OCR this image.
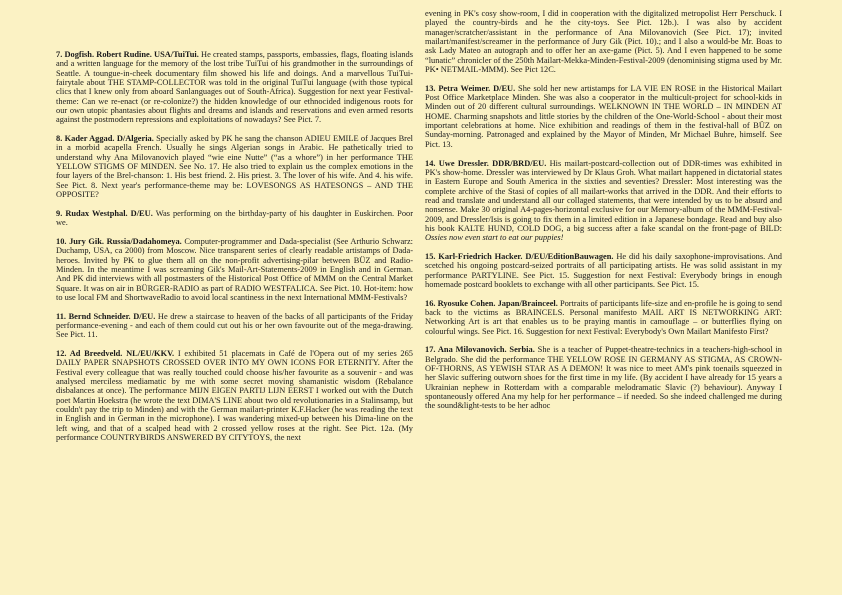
7. Dogfish. Robert Rudine. USA/TuiTui. He created stamps, passports, embassies, flags, floating islands and a written language for the memory of the lost tribe TuiTui of his grandmother in the surroundings of Seattle. A toungue-in-cheek documentary film showed his life and doings. And a marvellous TuiTui-fairytale about THE STAMP-COLLECTOR was told in the original TuiTui language (with those typical clics that I knew only from aboard Sanlanguages out of South-Africa). Suggestion for next year Festival-theme: Can we re-enact (or re-colonize?) the hidden knowledge of our ethnocided indigenous roots for our own utopic phantasies about flights and dreams and islands and reservations and even armed resorts against the postmodern repressions and exploitations of nowadays? See Pict. 7.

8. Kader Aggad. D/Algeria. Specially asked by PK he sang the chanson ADIEU EMILE of Jacques Brel in a morbid acapella French. Usually he sings Algerian songs in Arabic. He pathetically tried to understand why Ana Milovanovich played “wie eine Nutte” (“as a whore”) in her performance THE YELLOW STIGMS OF MINDEN. See No. 17. He also tried to explain us the complex emotions in the four layers of the Brel-chanson: 1. His best friend. 2. His priest. 3. The lover of his wife. And 4. his wife. See Pict. 8. Next year's performance-theme may be: LOVESONGS AS HATESONGS – AND THE OPPOSITE?

9. Rudax Westphal. D/EU. Was performing on the birthday-party of his daughter in Euskirchen. Poor we.

10. Jury Gik. Russia/Dadahomeya. Computer-programmer and Dada-specialist (See Arthurio Schwarz: Duchamp, USA, ca 2000) from Moscow. Nice transparent series of clearly readable artistamps of Dada-heroes. Invited by PK to glue them all on the non-profit advertising-pilar between BÜZ and Radio-Minden. In the meantime I was screaming Gik's Mail-Art-Statements-2009 in English and in German. And PK did interviews with all postmasters of the Historical Post Office of MMM on the Central Market Square. It was on air in BÜRGER-RADIO as part of RADIO WESTFALICA. See Pict. 10. Hot-item: how to use local FM and ShortwaveRadio to avoid local scantiness in the next International MMM-Festivals?

11. Bernd Schneider. D/EU. He drew a staircase to heaven of the backs of all participants of the Friday performance-evening - and each of them could cut out his or her own favourite out of the mega-drawing. See Pict. 11.

12. Ad Breedveld. NL/EU/KKV. I exhibited 51 placemats in Café de l'Opera out of my series 265 DAILY PAPER SNAPSHOTS CROSSED OVER INTO MY OWN ICONS FOR ETERNITY. After the Festival every colleague that was really touched could choose his/her favourite as a souvenir - and was analysed merciless mediamatic by me with some secret moving shamanistic wisdom (Rebalance disbalances at once). The performance MIJN EIGEN PARTIJ LIJN EERST I worked out with the Dutch poet Martin Hoekstra (he wrote the text DIMA'S LINE about two old revolutionaries in a Stalinsamp, but couldn't pay the trip to Minden) and with the German mailart-printer K.F.Hacker (he was reading the text in English and in German in the microphone). I was wandering mixed-up between his Dima-line on the left wing, and that of a scalped head with 2 crossed yellow roses at the right. See Pict. 12a. (My performance COUNTRYBIRDS ANSWERED BY CITYTOYS, the next

evening in PK's cosy show-room, I did in cooperation with the digitalized metropolist Herr Perschuck. I played the country-birds and he the city-toys. See Pict. 12b.). I was also by accident manager/scratcher/assistant in the performance of Ana Milovanovich (See Pict. 17); invited mailart/manifest/screamer in the performance of Jury Gik (Pict. 10).; and I also a would-be Mr. Boas to ask Lady Mateo an autograph and to offer her an axe-game (Pict. 5). And I even happened to be some “lunatic” chronicler of the 250th Mailart-Mekka-Minden-Festival-2009 (denominising stigma used by Mr. PK• NETMAIL-MMM). See Pict 12C.

13. Petra Weimer. D/EU. She sold her new artistamps for LA VIE EN ROSE in the Historical Mailart Post Office Marketplace Minden. She was also a cooperator in the multicult-project for school-kids in Minden out of 20 different cultural surroundings. WELKNOWN IN THE WORLD – IN MINDEN AT HOME. Charming snapshots and little stories by the children of the One-World-School - about their most important celebrations at home. Nice exhibition and readings of them in the festival-hall of BÜZ on Sunday-morning. Patronaged and explained by the Mayor of Minden, Mr Michael Buhre, himself. See Pict. 13.

14. Uwe Dressler. DDR/BRD/EU. His mailart-postcard-collection out of DDR-times was exhibited in PK's show-home. Dressler was interviewed by Dr Klaus Groh. What mailart happened in dictatorial states in Eastern Europe and South America in the sixties and seventies? Dressler: Most interesting was the complete archive of the Stasi of copies of all mailart-works that arrived in the DDR. And their efforts to read and translate and understand all our collaged statements, that were intended by us to be absurd and nonsense. Make 30 original A4-pages-horizontal exclusive for our Memory-album of the MMM-Festival-2009, and Dressler/Isis is going to fix them in a limited edition in a Japanese bondage. Read and buy also his book KALTE HUND, COLD DOG, a big success after a fake scandal on the front-page of BILD: Ossies now even start to eat our puppies!

15. Karl-Friedrich Hacker. D/EU/EditionBauwagen. He did his daily saxophone-improvisations. And scetched his ongoing postcard-seized portraits of all participating artists. He was solid assistant in my performance PARTYLINE. See Pict. 15. Suggestion for next Festival: Everybody brings in enough homemade postcard booklets to exchange with all other participants. See Pict. 15.

16. Ryosuke Cohen. Japan/Brainceel. Portraits of participants life-size and en-profile he is going to send back to the victims as BRAINCELS. Personal manifesto MAIL ART IS NETWORKING ART: Networking Art is art that enables us to be praying mantis in camouflage – or butterflies flying on colourful wings. See Pict. 16. Suggestion for next Festival: Everybody's Own Mailart Manifesto First?

17. Ana Milovanovich. Serbia. She is a teacher of Puppet-theatre-technics in a teachers-high-school in Belgrado. She did the performance THE YELLOW ROSE IN GERMANY AS STIGMA, AS CROWN-OF-THORNS, AS YEWISH STAR AS A DEMON! It was nice to meet AM's pink toenails squeezed in her Slavic suffering outworn shoes for the first time in my life. (By accident I have already for 15 years a Ukrainian nephew in Rotterdam with a comparable melodramatic Slavic (?) behaviour). Anyway I spontaneously offered Ana my help for her performance – if needed. So she indeed challenged me during the sound&light-tests to be her adhoc
